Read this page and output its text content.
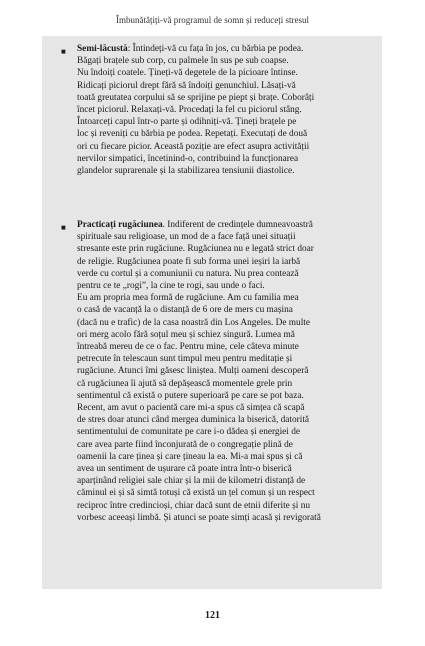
Îmbunătățiți-vă programul de somn și reduceți stresul
■ Semi-lăcustă: Întindeți-vă cu fața în jos, cu bărbia pe podea.
Băgați brațele sub corp, cu palmele în sus pe sub coapse.
Nu îndoiți coatele. Țineți-vă degetele de la picioare întinse.
Ridicați piciorul drept fără să îndoiți genunchiul. Lăsați-vă
toată greutatea corpului să se sprijine pe piept și brațe. Coborâți
încet piciorul. Relaxați-vă. Procedați la fel cu piciorul stâng.
Întoarceți capul într-o parte și odihniți-vă. Țineți brațele pe
loc și reveniți cu bărbia pe podea. Repetați. Executați de două
ori cu fiecare picior. Această poziție are efect asupra activității
nervilor simpatici, încetinind-o, contribuind la funcționarea
glandelor suprarenale și la stabilizarea tensiunii diastolice.
■ Practicați rugăciunea. Indiferent de credințele dumneavoastră
spirituale sau religioase, un mod de a face față unei situații
stresante este prin rugăciune. Rugăciunea nu e legată strict doar
de religie. Rugăciunea poate fi sub forma unei ieșiri la iarbă
verde cu cortul și a comuniunii cu natura. Nu prea contează
pentru ce te „rogi”, la cine te rogi, sau unde o faci.
Eu am propria mea formă de rugăciune. Am cu familia mea
o casă de vacanță la o distanță de 6 ore de mers cu mașina
(dacă nu e trafic) de la casa noastră din Los Angeles. De multe
ori merg acolo fără soțul meu și schiez singură. Lumea mă
întreabă mereu de ce o fac. Pentru mine, cele câteva minute
petrecute în telescaun sunt timpul meu pentru meditație și
rugăciune. Atunci îmi găsesc liniștea. Mulți oameni descoperă
că rugăciunea îi ajută să depășească momentele grele prin
sentimentul că există o putere superioară pe care se pot baza.
Recent, am avut o pacientă care mi-a spus că simțea că scapă
de stres doar atunci când mergea duminica la biserică, datorită
sentimentului de comunitate pe care i-o dădea și energiei de
care avea parte fiind înconjurată de o congregație plină de
oamenii la care ținea și care țineau la ea. Mi-a mai spus și că
avea un sentiment de ușurare că poate intra într-o biserică
aparținând religiei sale chiar și la mii de kilometri distanță de
căminul ei și să simtă totuși că există un țel comun și un respect
reciproc între credincioși, chiar dacă sunt de etnii diferite și nu
vorbesc aceeași limbă. Și atunci se poate simți acasă și revigorată
121
